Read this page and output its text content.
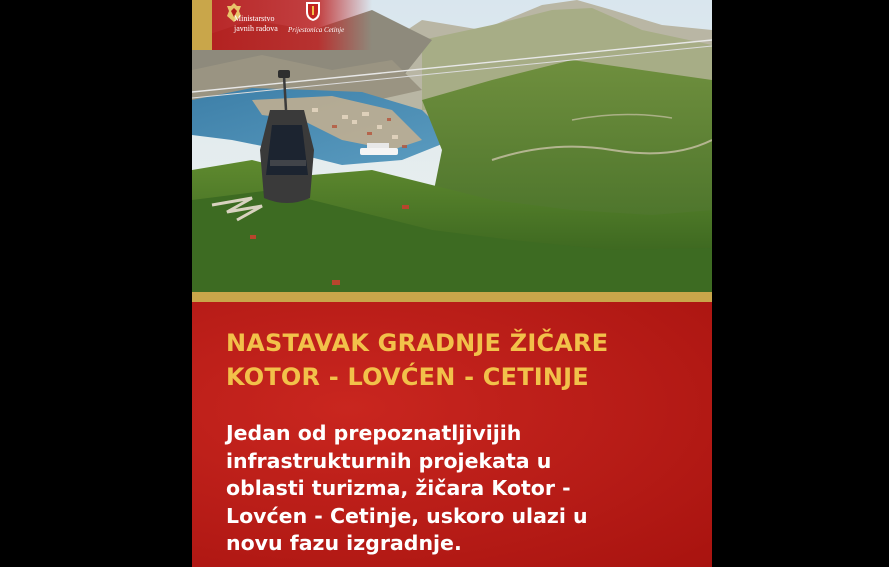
Ministarstvo
javnih radova Prijestonica Cetinje
NASTAVAK GRADNJE ŽIČARE
KOTOR - LOVĆEN - CETINJE

Jedan od prepoznatljivijih
infrastrukturnih projekata u
oblasti turizma, žičara Kotor -
Lovćen - Cetinje, uskoro ulazi u
novu fazu izgradnje.
